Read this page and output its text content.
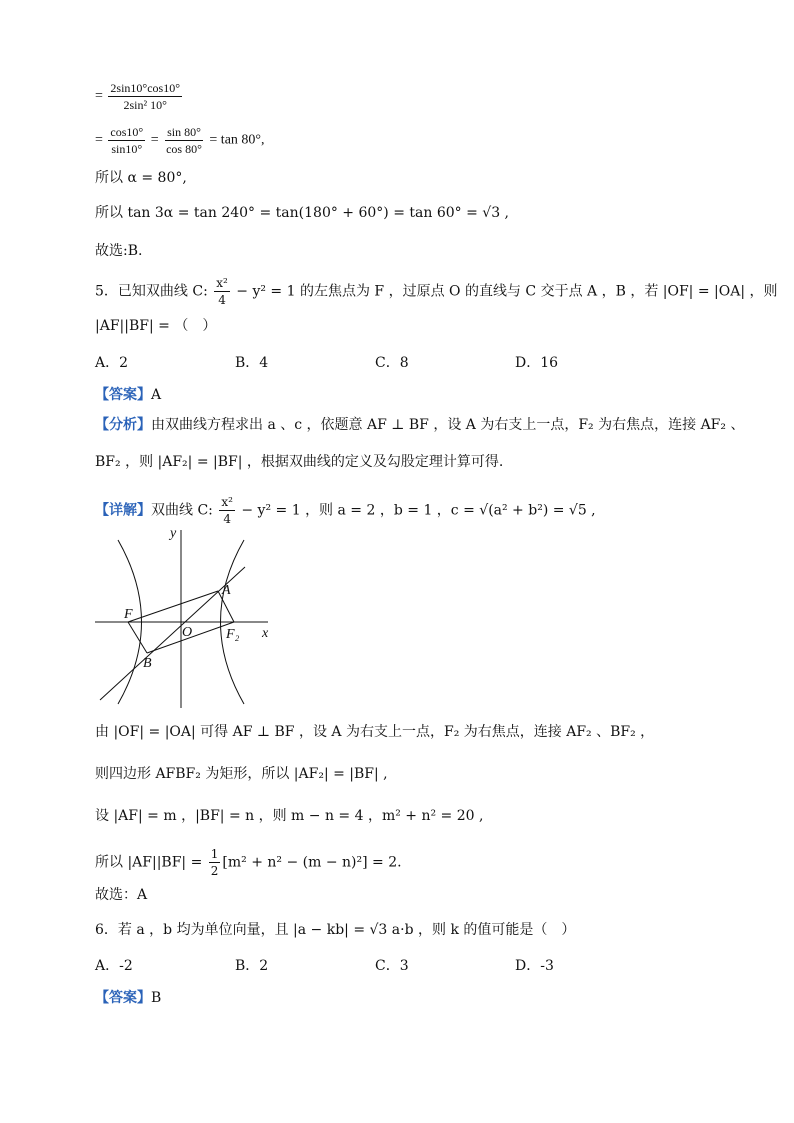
= $\frac{2\sin 10^\circ\cos 10^\circ}{\text{2sin² 10°}}$
= $\frac{\cos 10^\circ}{\sin 10^\circ} = \frac{\sin 80^\circ}{\cos 80^\circ} = \tan 80^\circ$,
所以 α = 80°,
所以 tan 3α = tan 240° = tan(180° + 60°) = tan 60° = √3 ,
故选:B.
5．已知双曲线 C: $\frac{\text{x²}}{4} - y^2 = 1$ 的左焦点为 F ，过原点 O 的直线与 C 交于点 A ，B ，若 |OF| = |OA| ，则
|AF||BF| = （　）
A．2	B．4	C．8	D．16
【答案】A
【分析】由双曲线方程求出 a 、c ，依题意 AF ⊥ BF ，设 A 为右支上一点，F₂ 为右焦点，连接 AF₂ 、
BF₂ ，则 |AF₂| = |BF| ，根据双曲线的定义及勾股定理计算可得.
【详解】双曲线 C: $\frac{\text{x²}}{4} - y^2 = 1$ ，则 a = 2 ，b = 1 ，c = √(a² + b²) = √5 ,
y
x
F
A
O F₂
B
由 |OF| = |OA| 可得 AF ⊥ BF ，设 A 为右支上一点，F₂ 为右焦点，连接 AF₂ 、BF₂ ，
则四边形 AFBF₂ 为矩形，所以 |AF₂| = |BF| ,
设 |AF| = m ，|BF| = n ，则 m − n = 4 ，m² + n² = 20 ,
所以 $|AF||BF| = \frac{1}{2} [m^2 + n^2 - (m - n)^2] = 2$.
故选：A
6．若 a ，b 均为单位向量，且 |a − kb| = √3 a·b ，则 k 的值可能是（　）
A．-2	B．2	C．3	D．-3
【答案】B
